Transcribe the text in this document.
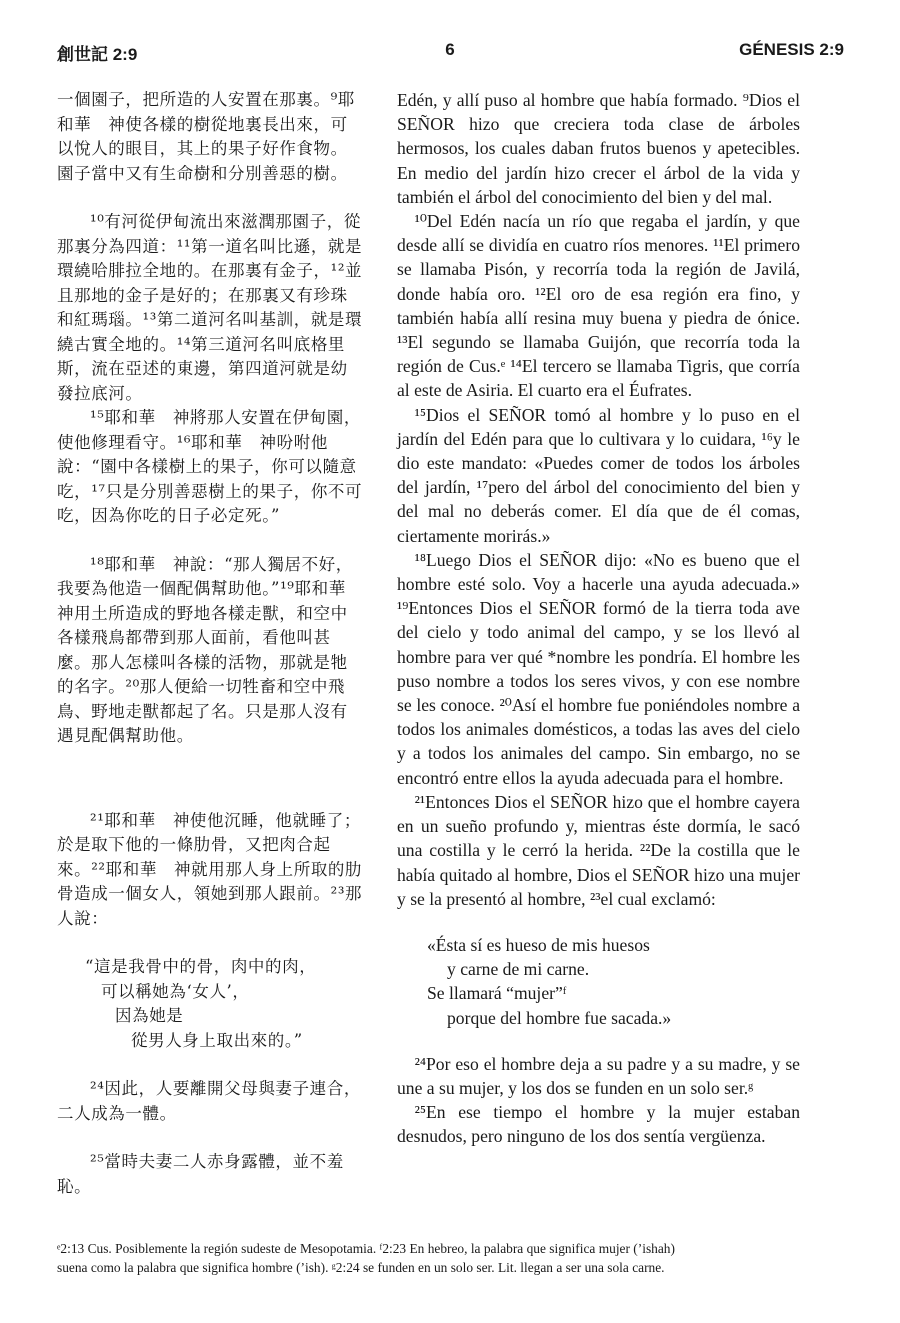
創世記 2:9	6	GÉNESIS 2:9

一個園子，把所造的人安置在那裏。⁹耶和華　神使各樣的樹從地裏長出來，可以悅人的眼目，其上的果子好作食物。園子當中又有生命樹和分別善惡的樹。

¹⁰有河從伊甸流出來滋潤那園子，從那裏分為四道：¹¹第一道名叫比遜，就是環繞哈腓拉全地的。在那裏有金子，¹²並且那地的金子是好的；在那裏又有珍珠和紅瑪瑙。¹³第二道河名叫基訓，就是環繞古實全地的。¹⁴第三道河名叫底格里斯，流在亞述的東邊，第四道河就是幼發拉底河。

¹⁵耶和華　神將那人安置在伊甸園，使他修理看守。¹⁶耶和華　神吩咐他說：“園中各樣樹上的果子，你可以隨意吃，¹⁷只是分別善惡樹上的果子，你不可吃，因為你吃的日子必定死。”

¹⁸耶和華　神說：“那人獨居不好，我要為他造一個配偶幫助他。”¹⁹耶和華　神用土所造成的野地各樣走獸，和空中各樣飛鳥都帶到那人面前，看他叫甚麼。那人怎樣叫各樣的活物，那就是牠的名字。²⁰那人便給一切牲畜和空中飛鳥、野地走獸都起了名。只是那人沒有遇見配偶幫助他。

²¹耶和華　神使他沉睡，他就睡了；於是取下他的一條肋骨，又把肉合起來。²²耶和華　神就用那人身上所取的肋骨造成一個女人，領她到那人跟前。²³那人說：

“這是我骨中的骨，肉中的肉，

可以稱她為‘女人’，

因為她是

從男人身上取出來的。”

²⁴因此，人要離開父母與妻子連合，二人成為一體。

²⁵當時夫妻二人赤身露體，並不羞恥。

Edén, y allí puso al hombre que había formado. ⁹Dios el SEÑOR hizo que creciera toda clase de árboles hermosos, los cuales daban frutos buenos y apetecibles. En medio del jardín hizo crecer el árbol de la vida y también el árbol del conocimiento del bien y del mal.

¹⁰Del Edén nacía un río que regaba el jardín, y que desde allí se dividía en cuatro ríos menores. ¹¹El primero se llamaba Pisón, y recorría toda la región de Javilá, donde había oro. ¹²El oro de esa región era fino, y también había allí resina muy buena y piedra de ónice. ¹³El segundo se llamaba Guijón, que recorría toda la región de Cus.ᵉ ¹⁴El tercero se llamaba Tigris, que corría al este de Asiria. El cuarto era el Éufrates.

¹⁵Dios el SEÑOR tomó al hombre y lo puso en el jardín del Edén para que lo cultivara y lo cuidara, ¹⁶y le dio este mandato: «Puedes comer de todos los árboles del jardín, ¹⁷pero del árbol del conocimiento del bien y del mal no deberás comer. El día que de él comas, ciertamente morirás.»

¹⁸Luego Dios el SEÑOR dijo: «No es bueno que el hombre esté solo. Voy a hacerle una ayuda adecuada.» ¹⁹Entonces Dios el SEÑOR formó de la tierra toda ave del cielo y todo animal del campo, y se los llevó al hombre para ver qué *nombre les pondría. El hombre les puso nombre a todos los seres vivos, y con ese nombre se les conoce. ²⁰Así el hombre fue poniéndoles nombre a todos los animales domésticos, a todas las aves del cielo y a todos los animales del campo. Sin embargo, no se encontró entre ellos la ayuda adecuada para el hombre.

²¹Entonces Dios el SEÑOR hizo que el hombre cayera en un sueño profundo y, mientras éste dormía, le sacó una costilla y le cerró la herida. ²²De la costilla que le había quitado al hombre, Dios el SEÑOR hizo una mujer y se la presentó al hombre, ²³el cual exclamó:

«Ésta sí es hueso de mis huesos

y carne de mi carne.

Se llamará “mujer”ᶠ

porque del hombre fue sacada.»

²⁴Por eso el hombre deja a su padre y a su madre, y se une a su mujer, y los dos se funden en un solo ser.ᵍ

²⁵En ese tiempo el hombre y la mujer estaban desnudos, pero ninguno de los dos sentía vergüenza.

ᵉ2:13 Cus. Posiblemente la región sudeste de Mesopotamia. ᶠ2:23 En hebreo, la palabra que significa mujer (’ishah)
suena como la palabra que significa hombre (’ish). ᵍ2:24 se funden en un solo ser. Lit. llegan a ser una sola carne.
